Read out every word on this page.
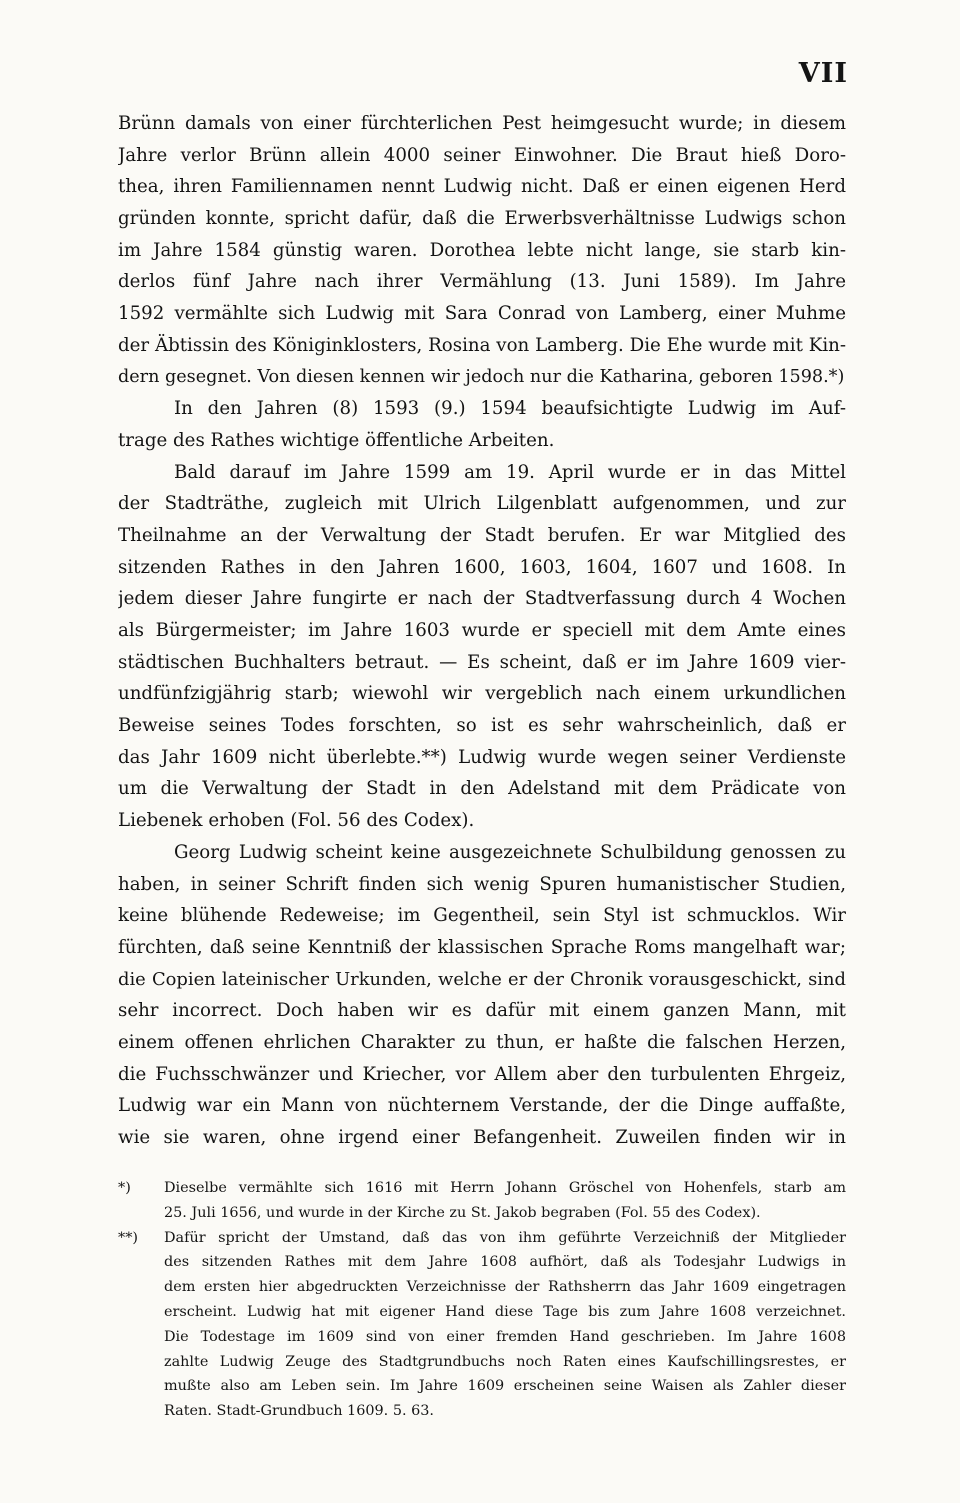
VII
Brünn damals von einer fürchterlichen Pest heimgesucht wurde; in diesem
Jahre verlor Brünn allein 4000 seiner Einwohner. Die Braut hieß Doro-
thea, ihren Familiennamen nennt Ludwig nicht. Daß er einen eigenen Herd
gründen konnte, spricht dafür, daß die Erwerbsverhältnisse Ludwigs schon
im Jahre 1584 günstig waren. Dorothea lebte nicht lange, sie starb kin-
derlos fünf Jahre nach ihrer Vermählung (13. Juni 1589). Im Jahre
1592 vermählte sich Ludwig mit Sara Conrad von Lamberg, einer Muhme
der Äbtissin des Königinklosters, Rosina von Lamberg. Die Ehe wurde mit Kin-
dern gesegnet. Von diesen kennen wir jedoch nur die Katharina, geboren 1598.*)
In den Jahren (8) 1593 (9.) 1594 beaufsichtigte Ludwig im Auf-
trage des Rathes wichtige öffentliche Arbeiten.
Bald darauf im Jahre 1599 am 19. April wurde er in das Mittel
der Stadträthe, zugleich mit Ulrich Lilgenblatt aufgenommen, und zur
Theilnahme an der Verwaltung der Stadt berufen. Er war Mitglied des
sitzenden Rathes in den Jahren 1600, 1603, 1604, 1607 und 1608. In
jedem dieser Jahre fungirte er nach der Stadtverfassung durch 4 Wochen
als Bürgermeister; im Jahre 1603 wurde er speciell mit dem Amte eines
städtischen Buchhalters betraut. — Es scheint, daß er im Jahre 1609 vier-
undfünfzigjährig starb; wiewohl wir vergeblich nach einem urkundlichen
Beweise seines Todes forschten, so ist es sehr wahrscheinlich, daß er
das Jahr 1609 nicht überlebte.**) Ludwig wurde wegen seiner Verdienste
um die Verwaltung der Stadt in den Adelstand mit dem Prädicate von
Liebenek erhoben (Fol. 56 des Codex).
Georg Ludwig scheint keine ausgezeichnete Schulbildung genossen zu
haben, in seiner Schrift finden sich wenig Spuren humanistischer Studien,
keine blühende Redeweise; im Gegentheil, sein Styl ist schmucklos. Wir
fürchten, daß seine Kenntniß der klassischen Sprache Roms mangelhaft war;
die Copien lateinischer Urkunden, welche er der Chronik vorausgeschickt, sind
sehr incorrect. Doch haben wir es dafür mit einem ganzen Mann, mit
einem offenen ehrlichen Charakter zu thun, er haßte die falschen Herzen,
die Fuchsschwänzer und Kriecher, vor Allem aber den turbulenten Ehrgeiz,
Ludwig war ein Mann von nüchternem Verstande, der die Dinge auffaßte,
wie sie waren, ohne irgend einer Befangenheit. Zuweilen finden wir in
*) Dieselbe vermählte sich 1616 mit Herrn Johann Gröschel von Hohenfels, starb am
25. Juli 1656, und wurde in der Kirche zu St. Jakob begraben (Fol. 55 des Codex).
**) Dafür spricht der Umstand, daß das von ihm geführte Verzeichniß der Mitglieder
des sitzenden Rathes mit dem Jahre 1608 aufhört, daß als Todesjahr Ludwigs in
dem ersten hier abgedruckten Verzeichnisse der Rathsherrn das Jahr 1609 eingetragen
erscheint. Ludwig hat mit eigener Hand diese Tage bis zum Jahre 1608 verzeichnet.
Die Todestage im 1609 sind von einer fremden Hand geschrieben. Im Jahre 1608
zahlte Ludwig Zeuge des Stadtgrundbuchs noch Raten eines Kaufschillingsrestes, er
mußte also am Leben sein. Im Jahre 1609 erscheinen seine Waisen als Zahler dieser
Raten. Stadt-Grundbuch 1609. 5. 63.
